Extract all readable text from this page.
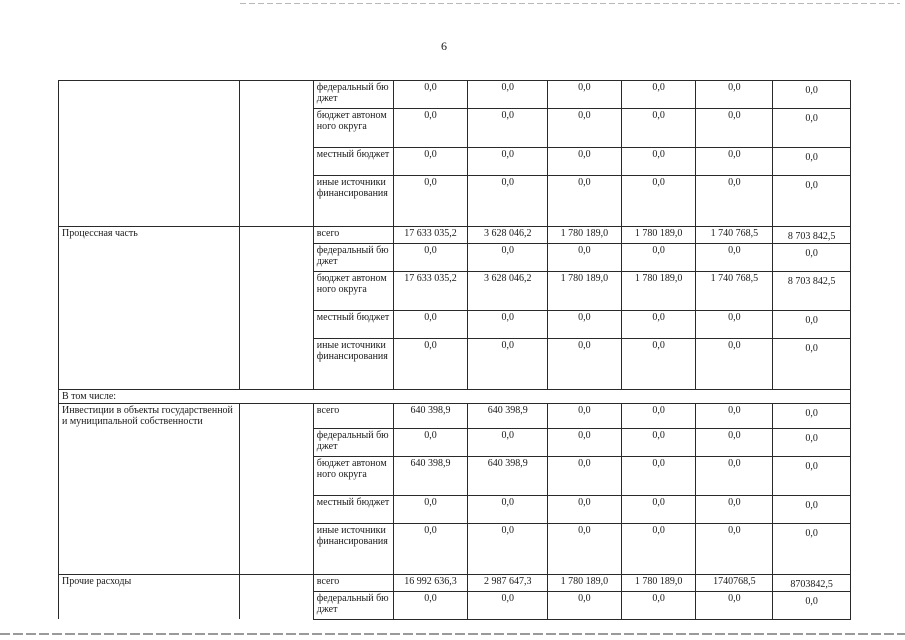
6
		федеральный бюджет	0,0	0,0	0,0	0,0	0,0	0,0
		бюджет автономного округа	0,0	0,0	0,0	0,0	0,0	0,0
		местный бюджет	0,0	0,0	0,0	0,0	0,0	0,0
		иные источники финансирования	0,0	0,0	0,0	0,0	0,0	0,0
Процессная часть		всего	17 633 035,2	3 628 046,2	1 780 189,0	1 780 189,0	1 740 768,5	8 703 842,5
		федеральный бюджет	0,0	0,0	0,0	0,0	0,0	0,0
		бюджет автономного округа	17 633 035,2	3 628 046,2	1 780 189,0	1 780 189,0	1 740 768,5	8 703 842,5
		местный бюджет	0,0	0,0	0,0	0,0	0,0	0,0
		иные источники финансирования	0,0	0,0	0,0	0,0	0,0	0,0
В том числе:								
Инвестиции в объекты государственной и муниципальной собственности		всего	640 398,9	640 398,9	0,0	0,0	0,0	0,0
		федеральный бюджет	0,0	0,0	0,0	0,0	0,0	0,0
		бюджет автономного округа	640 398,9	640 398,9	0,0	0,0	0,0	0,0
		местный бюджет	0,0	0,0	0,0	0,0	0,0	0,0
		иные источники финансирования	0,0	0,0	0,0	0,0	0,0	0,0
Прочие расходы		всего	16 992 636,3	2 987 647,3	1 780 189,0	1 780 189,0	1740768,5	8703842,5
		федеральный бюджет	0,0	0,0	0,0	0,0	0,0	0,0
